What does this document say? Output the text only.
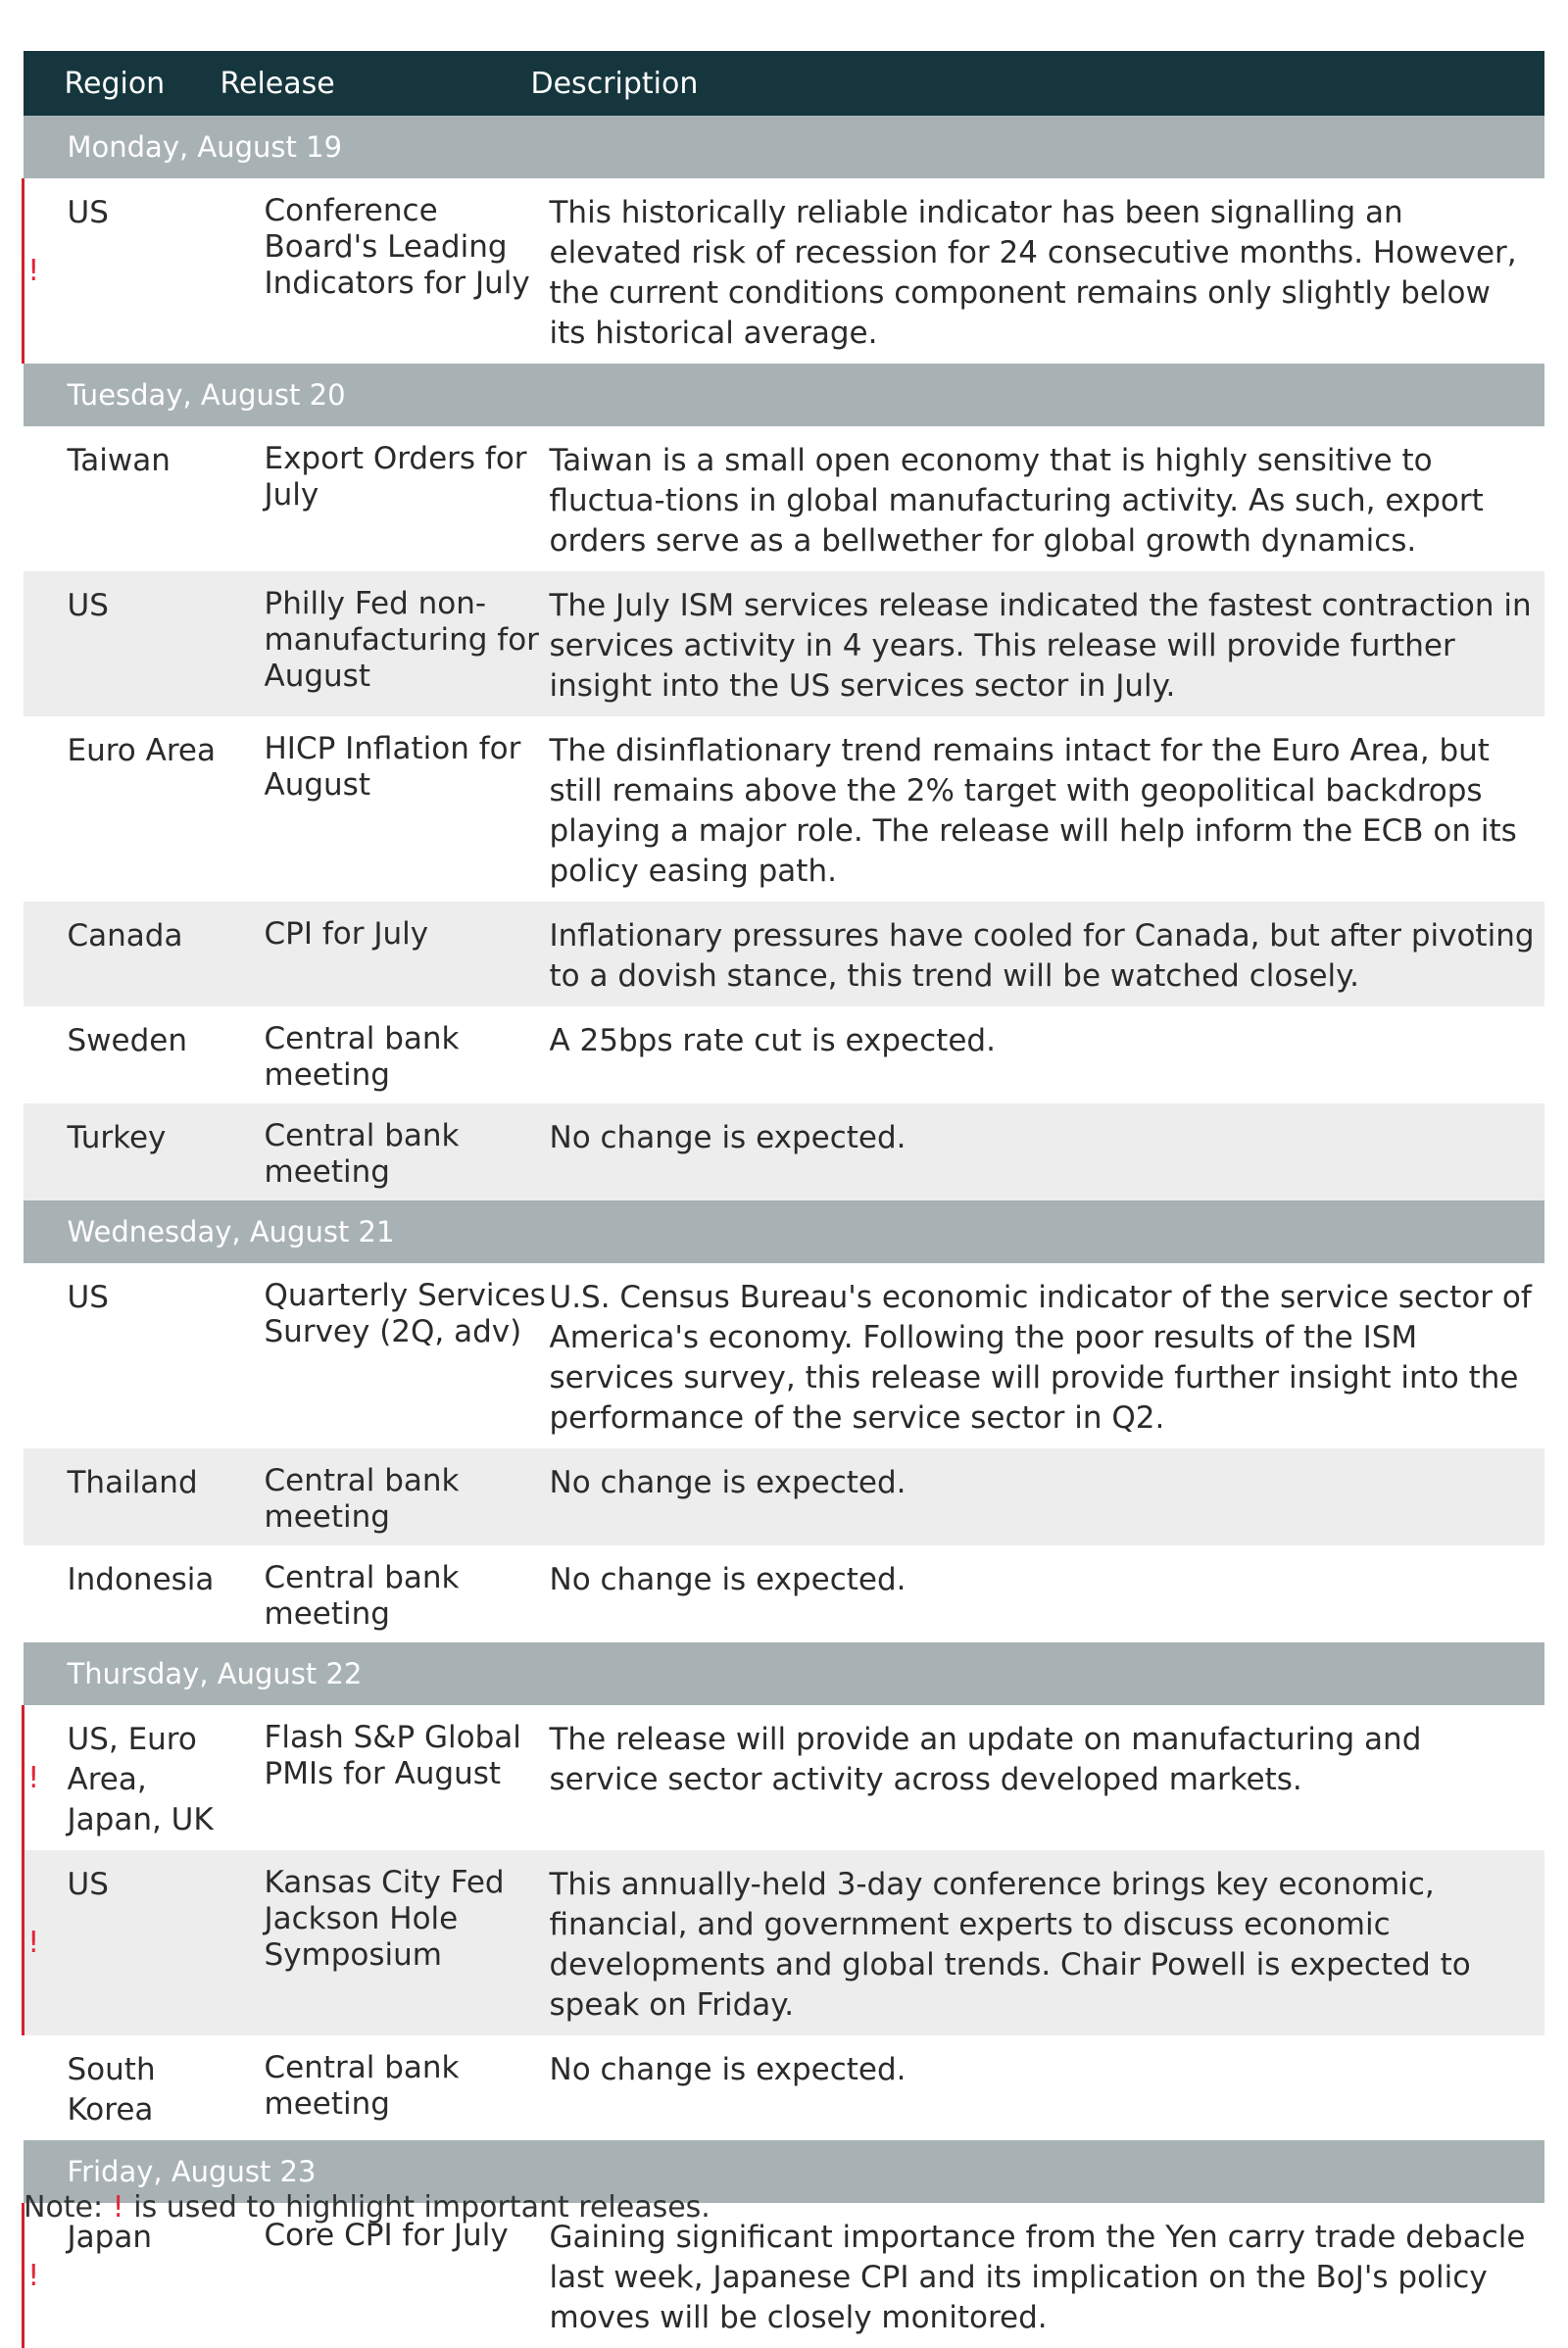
	Region	Release	Description
Monday, August 19			
!	US	Conference Board's Leading Indicators for July	This historically reliable indicator has been signalling an elevated risk of recession for 24 consecutive months. However, the current conditions component remains only slightly below its historical average.
Tuesday, August 20			
	Taiwan	Export Orders for July	Taiwan is a small open economy that is highly sensitive to fluctua-tions in global manufacturing activity. As such, export orders serve as a bellwether for global growth dynamics.
	US	Philly Fed non-manufacturing for August	The July ISM services release indicated the fastest contraction in services activity in 4 years. This release will provide further insight into the US services sector in July.
	Euro Area	HICP Inflation for August	The disinflationary trend remains intact for the Euro Area, but still remains above the 2% target with geopolitical backdrops playing a major role. The release will help inform the ECB on its policy easing path.
	Canada	CPI for July	Inflationary pressures have cooled for Canada, but after pivoting to a dovish stance, this trend will be watched closely.
	Sweden	Central bank meeting	A 25bps rate cut is expected.
	Turkey	Central bank meeting	No change is expected.
Wednesday, August 21			
	US	Quarterly Services Survey (2Q, adv)	U.S. Census Bureau's economic indicator of the service sector of America's economy. Following the poor results of the ISM services survey, this release will provide further insight into the performance of the service sector in Q2.
	Thailand	Central bank meeting	No change is expected.
	Indonesia	Central bank meeting	No change is expected.
Thursday, August 22			
!	US, Euro Area, Japan, UK	Flash S&P Global PMIs for August	The release will provide an update on manufacturing and service sector activity across developed markets.
!	US	Kansas City Fed Jackson Hole Symposium	This annually-held 3-day conference brings key economic, financial, and government experts to discuss economic developments and global trends. Chair Powell is expected to speak on Friday.
	South Korea	Central bank meeting	No change is expected.
Friday, August 23			
!	Japan	Core CPI for July	Gaining significant importance from the Yen carry trade debacle last week, Japanese CPI and its implication on the BoJ's policy moves will be closely monitored.
Note: ! is used to highlight important releases.
